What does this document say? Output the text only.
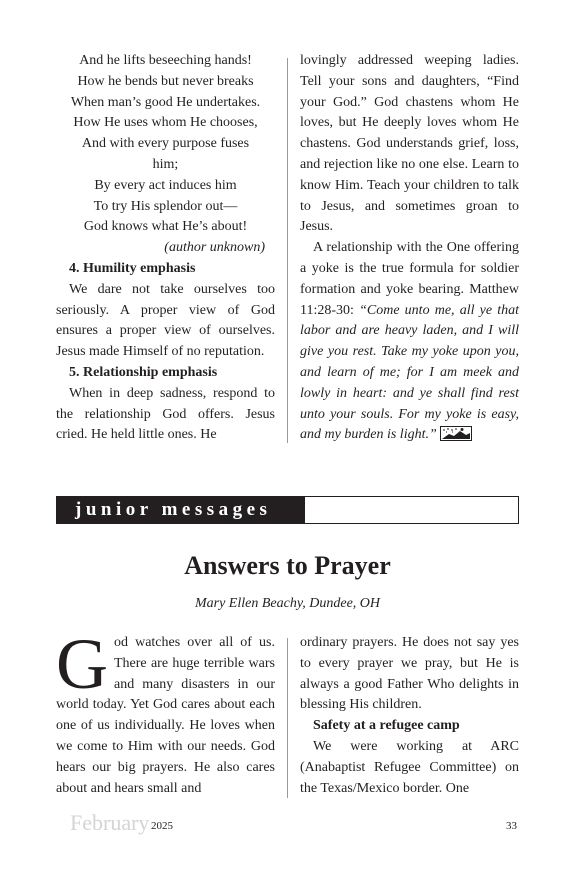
And he lifts beseeching hands!
How he bends but never breaks
When man’s good He undertakes.
How He uses whom He chooses,
And with every purpose fuses
him;
By every act induces him
To try His splendor out—
God knows what He’s about!

(author unknown)

4. Humility emphasis

We dare not take ourselves too seriously. A proper view of God ensures a proper view of ourselves. Jesus made Himself of no reputation.

5. Relationship emphasis

When in deep sadness, respond to the relationship God offers. Jesus cried. He held little ones. He

lovingly addressed weeping ladies. Tell your sons and daughters, “Find your God.” God chastens whom He loves, but He deeply loves whom He chastens. God understands grief, loss, and rejection like no one else. Learn to know Him. Teach your children to talk to Jesus, and sometimes groan to Jesus.

A relationship with the One offering a yoke is the true formula for soldier formation and yoke bearing. Matthew 11:28-30: “Come unto me, all ye that labor and are heavy laden, and I will give you rest. Take my yoke upon you, and learn of me; for I am meek and lowly in heart: and ye shall find rest unto your souls. For my yoke is easy, and my burden is light.”

junior messages
Answers to Prayer
Mary Ellen Beachy, Dundee, OH

God watches over all of us. There are huge terrible wars and many disasters in our world today. Yet God cares about each one of us individually. He loves when we come to Him with our needs. God hears our big prayers. He also cares about and hears small and

ordinary prayers. He does not say yes to every prayer we pray, but He is always a good Father Who delights in blessing His children.

Safety at a refugee camp

We were working at ARC (Anabaptist Refugee Committee) on the Texas/Mexico border. One

February 2025	33
